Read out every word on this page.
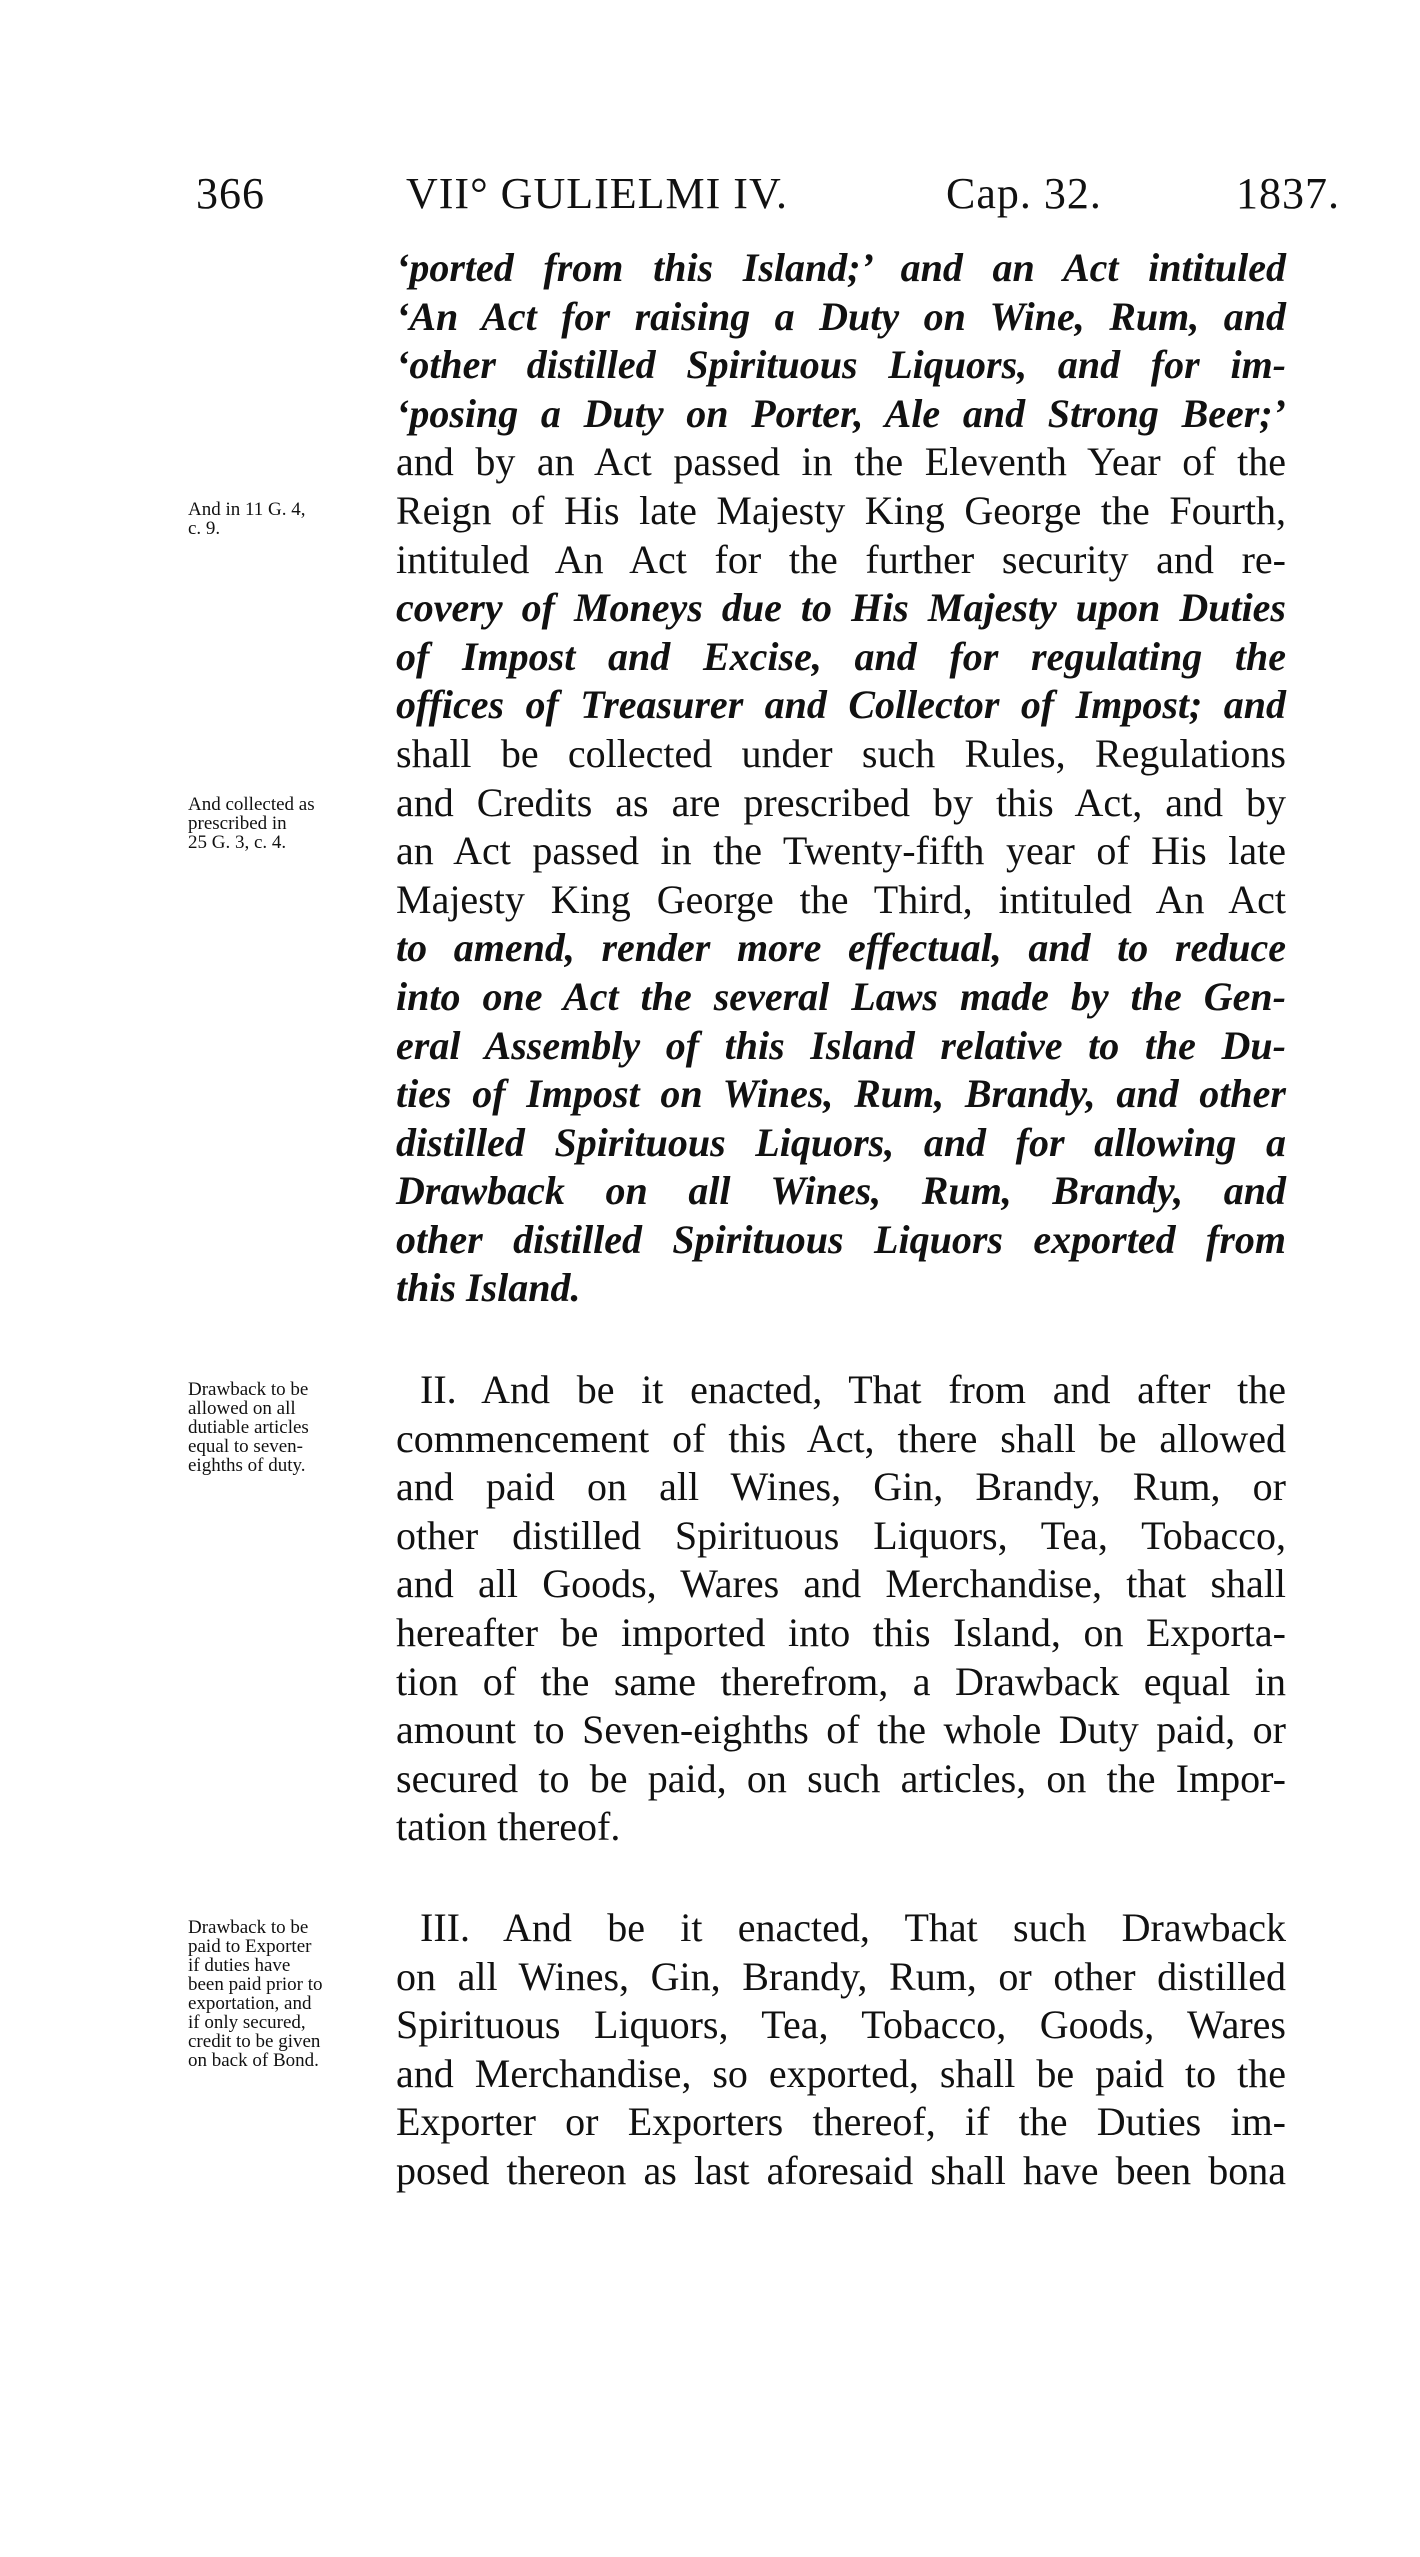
366	VII° GULIELMI IV.	Cap. 32.	1837.
And in 11 G. 4,
c. 9.
And collected as
prescribed in
25 G. 3, c. 4.
Drawback to be
allowed on all
dutiable articles
equal to seven-
eighths of duty.
Drawback to be
paid to Exporter
if duties have
been paid prior to
exportation, and
if only secured,
credit to be given
on back of Bond.
‘ported from this Island;’ and an Act intituled
‘An Act for raising a Duty on Wine, Rum, and
‘other distilled Spirituous Liquors, and for im-
‘posing a Duty on Porter, Ale and Strong Beer;’
and by an Act passed in the Eleventh Year of the
Reign of His late Majesty King George the Fourth,
intituled An Act for the further security and re-
covery of Moneys due to His Majesty upon Duties
of Impost and Excise, and for regulating the
offices of Treasurer and Collector of Impost; and
shall be collected under such Rules, Regulations
and Credits as are prescribed by this Act, and by
an Act passed in the Twenty-fifth year of His late
Majesty King George the Third, intituled An Act
to amend, render more effectual, and to reduce
into one Act the several Laws made by the Gen-
eral Assembly of this Island relative to the Du-
ties of Impost on Wines, Rum, Brandy, and other
distilled Spirituous Liquors, and for allowing a
Drawback on all Wines, Rum, Brandy, and
other distilled Spirituous Liquors exported from
this Island.
II. And be it enacted, That from and after the
commencement of this Act, there shall be allowed
and paid on all Wines, Gin, Brandy, Rum, or
other distilled Spirituous Liquors, Tea, Tobacco,
and all Goods, Wares and Merchandise, that shall
hereafter be imported into this Island, on Exporta-
tion of the same therefrom, a Drawback equal in
amount to Seven-eighths of the whole Duty paid, or
secured to be paid, on such articles, on the Impor-
tation thereof.
III. And be it enacted, That such Drawback
on all Wines, Gin, Brandy, Rum, or other distilled
Spirituous Liquors, Tea, Tobacco, Goods, Wares
and Merchandise, so exported, shall be paid to the
Exporter or Exporters thereof, if the Duties im-
posed thereon as last aforesaid shall have been bona
